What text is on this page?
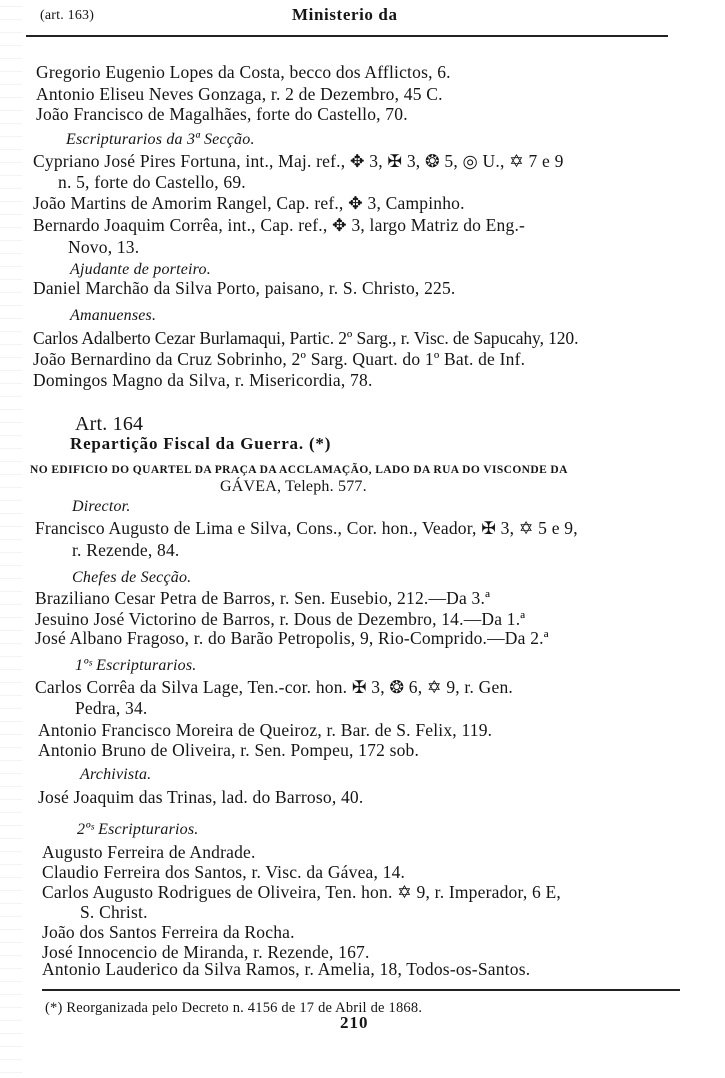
(art. 163)	Ministerio da
Gregorio Eugenio Lopes da Costa, becco dos Afflictos, 6.
Antonio Eliseu Neves Gonzaga, r. 2 de Dezembro, 45 C.
João Francisco de Magalhães, forte do Castello, 70.
Escripturarios da 3ª Secção.
Cypriano José Pires Fortuna, int., Maj. ref., ✥ 3, ✠ 3, ❂ 5, ◎ U., ✡ 7 e 9
n. 5, forte do Castello, 69.
João Martins de Amorim Rangel, Cap. ref., ✥ 3, Campinho.
Bernardo Joaquim Corrêa, int., Cap. ref., ✥ 3, largo Matriz do Eng.-
Novo, 13.
Ajudante de porteiro.
Daniel Marchão da Silva Porto, paisano, r. S. Christo, 225.
Amanuenses.
Carlos Adalberto Cezar Burlamaqui, Partic. 2º Sarg., r. Visc. de Sapucahy, 120.
João Bernardino da Cruz Sobrinho, 2º Sarg. Quart. do 1º Bat. de Inf.
Domingos Magno da Silva, r. Misericordia, 78.
Art. 164
Repartição Fiscal da Guerra. (*)
NO EDIFICIO DO QUARTEL DA PRAÇA DA ACCLAMAÇÃO, LADO DA RUA DO VISCONDE DA
GÁVEA, Teleph. 577.
Director.
Francisco Augusto de Lima e Silva, Cons., Cor. hon., Veador, ✠ 3, ✡ 5 e 9,
r. Rezende, 84.
Chefes de Secção.
Braziliano Cesar Petra de Barros, r. Sen. Eusebio, 212.—Da 3.ª
Jesuino José Victorino de Barros, r. Dous de Dezembro, 14.—Da 1.ª
José Albano Fragoso, r. do Barão Petropolis, 9, Rio-Comprido.—Da 2.ª
1ºˢ Escripturarios.
Carlos Corrêa da Silva Lage, Ten.-cor. hon. ✠ 3, ❂ 6, ✡ 9, r. Gen.
Pedra, 34.
Antonio Francisco Moreira de Queiroz, r. Bar. de S. Felix, 119.
Antonio Bruno de Oliveira, r. Sen. Pompeu, 172 sob.
Archivista.
José Joaquim das Trinas, lad. do Barroso, 40.
2ºˢ Escripturarios.
Augusto Ferreira de Andrade.
Claudio Ferreira dos Santos, r. Visc. da Gávea, 14.
Carlos Augusto Rodrigues de Oliveira, Ten. hon. ✡ 9, r. Imperador, 6 E,
S. Christ.
João dos Santos Ferreira da Rocha.
José Innocencio de Miranda, r. Rezende, 167.
Antonio Lauderico da Silva Ramos, r. Amelia, 18, Todos-os-Santos.
(*) Reorganizada pelo Decreto n. 4156 de 17 de Abril de 1868.
210
